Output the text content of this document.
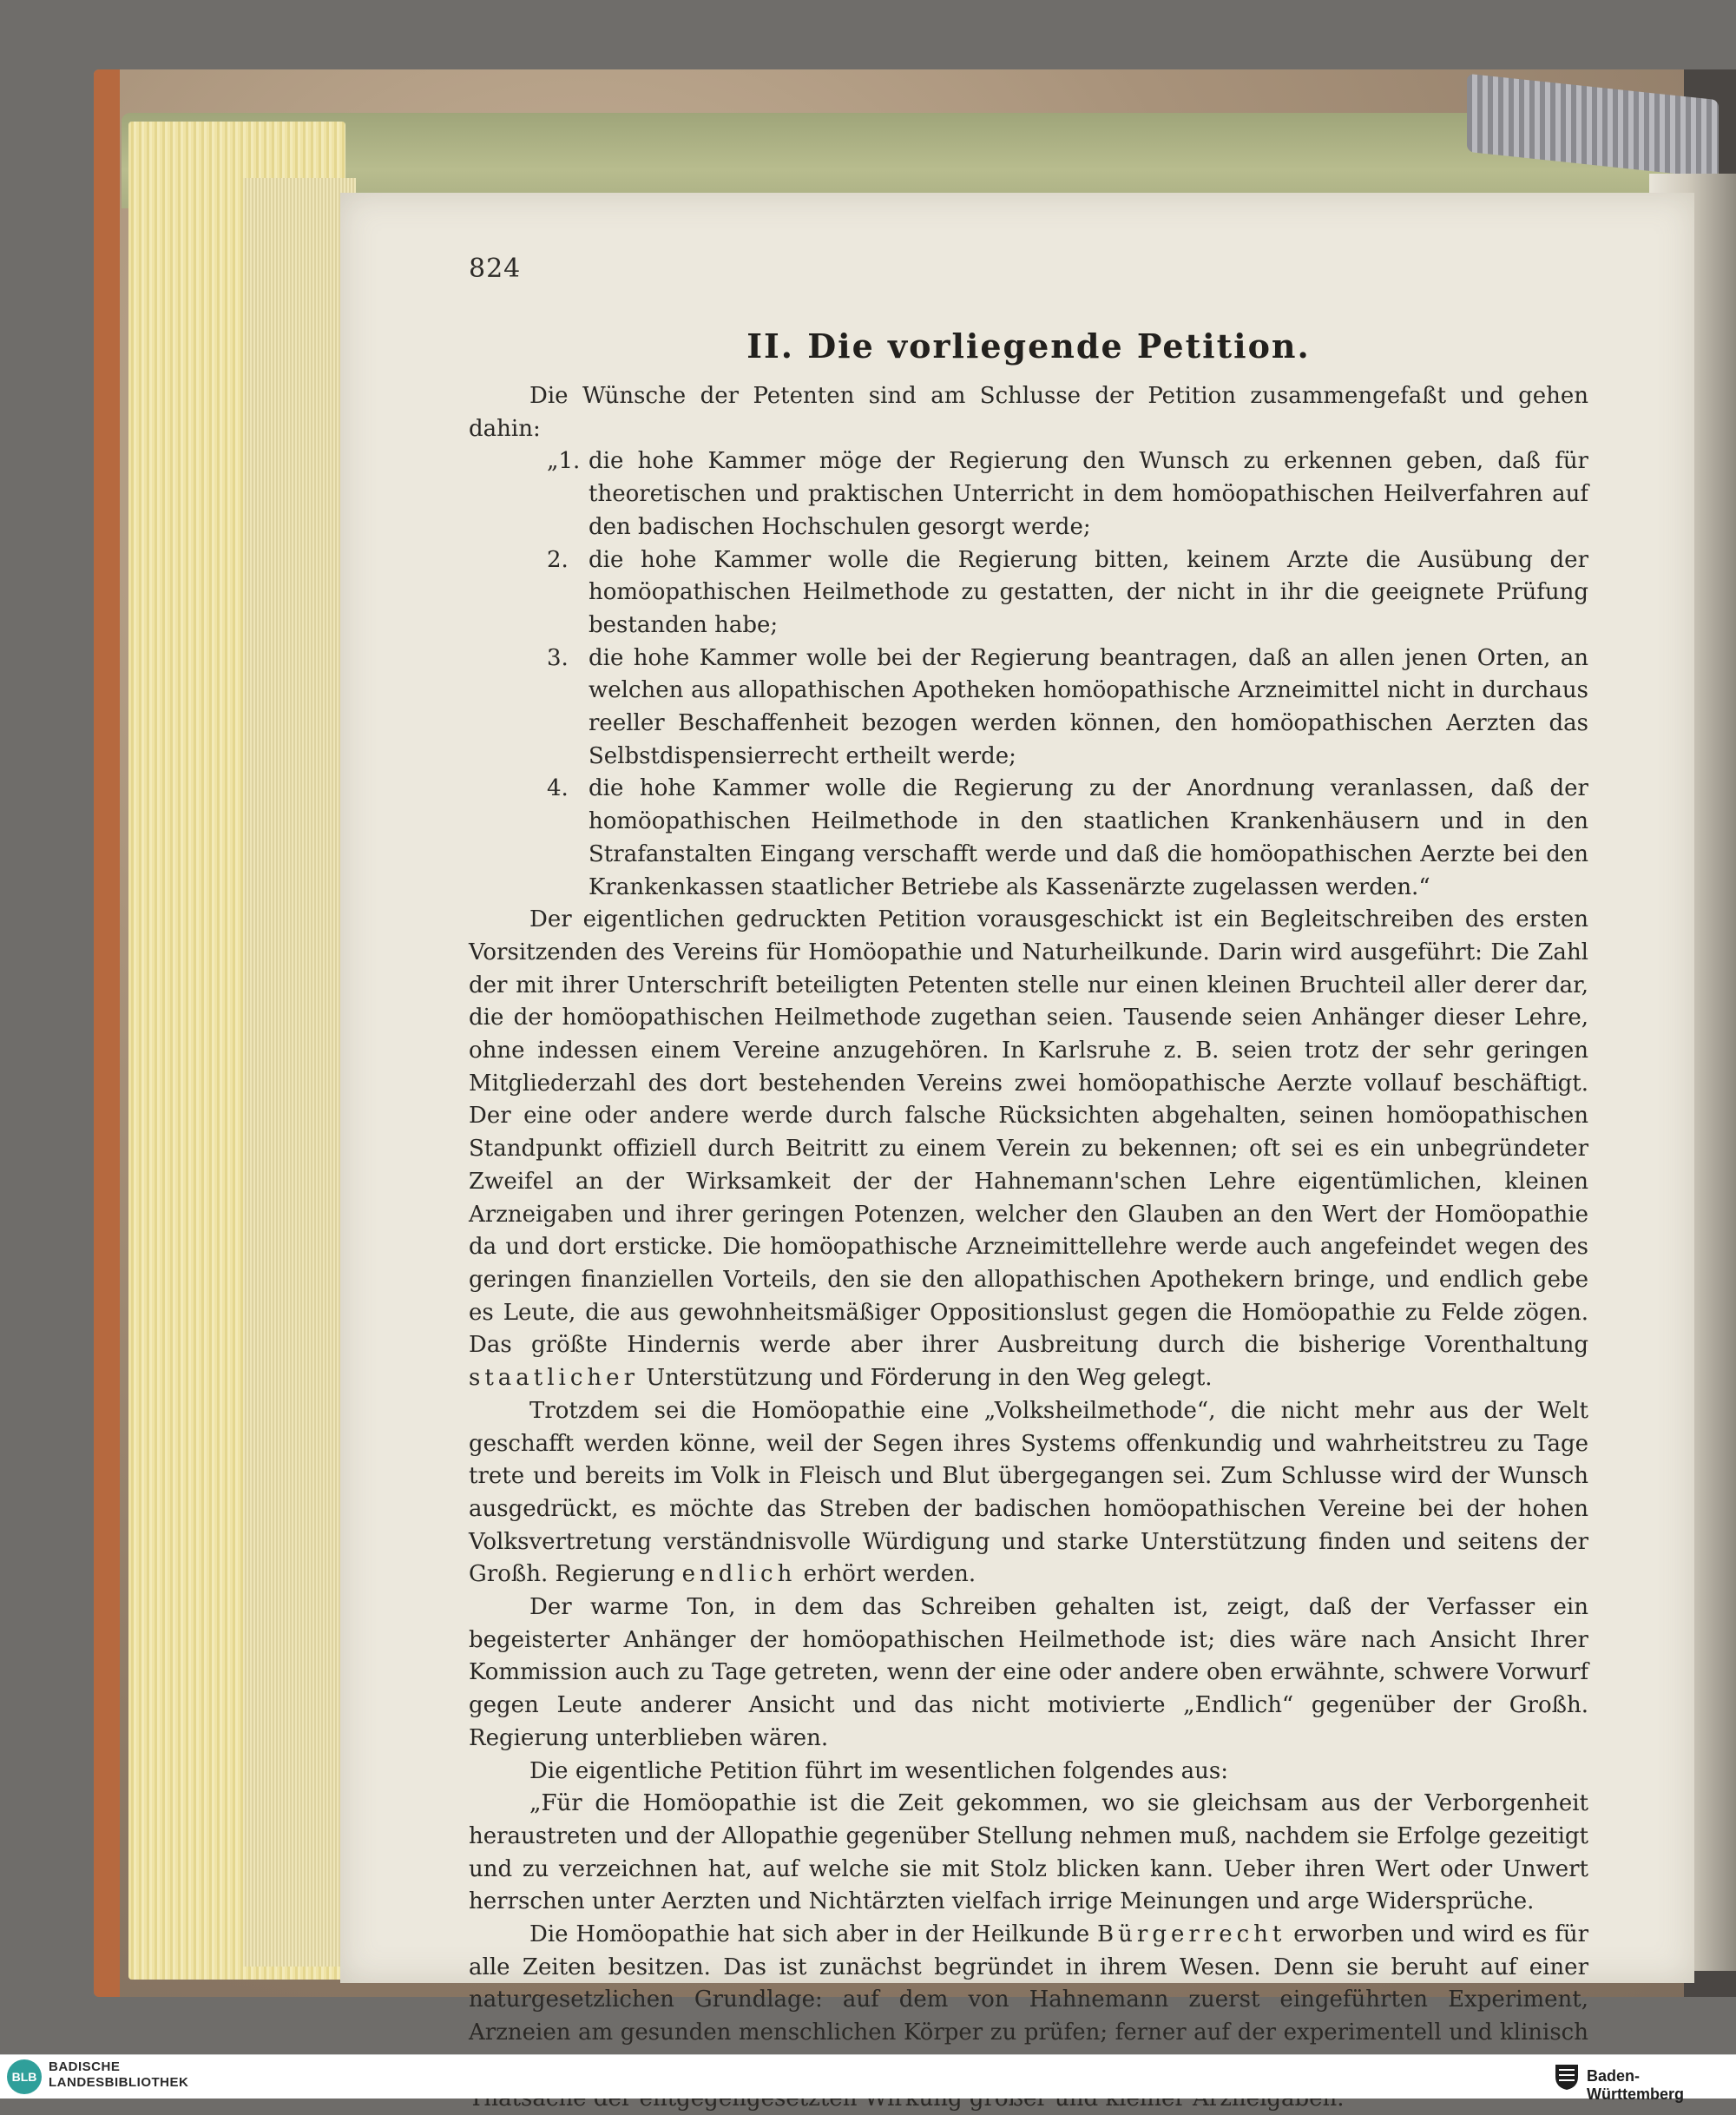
824
II. Die vorliegende Petition.

Die Wünsche der Petenten sind am Schlusse der Petition zusammengefaßt und gehen dahin:

„1. die hohe Kammer möge der Regierung den Wunsch zu erkennen geben, daß für theoretischen und praktischen Unterricht in dem homöopathischen Heilverfahren auf den badischen Hochschulen gesorgt werde;
2. die hohe Kammer wolle die Regierung bitten, keinem Arzte die Ausübung der homöopathischen Heilmethode zu gestatten, der nicht in ihr die geeignete Prüfung bestanden habe;
3. die hohe Kammer wolle bei der Regierung beantragen, daß an allen jenen Orten, an welchen aus allopathischen Apotheken homöopathische Arzneimittel nicht in durchaus reeller Beschaffenheit bezogen werden können, den homöopathischen Aerzten das Selbstdispensierrecht ertheilt werde;
4. die hohe Kammer wolle die Regierung zu der Anordnung veranlassen, daß der homöopathischen Heilmethode in den staatlichen Krankenhäusern und in den Strafanstalten Eingang verschafft werde und daß die homöopathischen Aerzte bei den Krankenkassen staatlicher Betriebe als Kassenärzte zugelassen werden.“

Der eigentlichen gedruckten Petition vorausgeschickt ist ein Begleitschreiben des ersten Vorsitzenden des Vereins für Homöopathie und Naturheilkunde. Darin wird ausgeführt: Die Zahl der mit ihrer Unterschrift beteiligten Petenten stelle nur einen kleinen Bruchteil aller derer dar, die der homöopathischen Heilmethode zugethan seien. Tausende seien Anhänger dieser Lehre, ohne indessen einem Vereine anzugehören. In Karlsruhe z. B. seien trotz der sehr geringen Mitgliederzahl des dort bestehenden Vereins zwei homöopathische Aerzte vollauf beschäftigt. Der eine oder andere werde durch falsche Rücksichten abgehalten, seinen homöopathischen Standpunkt offiziell durch Beitritt zu einem Verein zu bekennen; oft sei es ein unbegründeter Zweifel an der Wirksamkeit der der Hahnemann'schen Lehre eigentümlichen, kleinen Arzneigaben und ihrer geringen Potenzen, welcher den Glauben an den Wert der Homöopathie da und dort ersticke. Die homöopathische Arzneimittellehre werde auch angefeindet wegen des geringen finanziellen Vorteils, den sie den allopathischen Apothekern bringe, und endlich gebe es Leute, die aus gewohnheitsmäßiger Oppositionslust gegen die Homöopathie zu Felde zögen. Das größte Hindernis werde aber ihrer Ausbreitung durch die bisherige Vorenthaltung staatlicher Unterstützung und Förderung in den Weg gelegt.

Trotzdem sei die Homöopathie eine „Volksheilmethode“, die nicht mehr aus der Welt geschafft werden könne, weil der Segen ihres Systems offenkundig und wahrheitstreu zu Tage trete und bereits im Volk in Fleisch und Blut übergegangen sei. Zum Schlusse wird der Wunsch ausgedrückt, es möchte das Streben der badischen homöopathischen Vereine bei der hohen Volksvertretung verständnisvolle Würdigung und starke Unterstützung finden und seitens der Großh. Regierung endlich erhört werden.

Der warme Ton, in dem das Schreiben gehalten ist, zeigt, daß der Verfasser ein begeisterter Anhänger der homöopathischen Heilmethode ist; dies wäre nach Ansicht Ihrer Kommission auch zu Tage getreten, wenn der eine oder andere oben erwähnte, schwere Vorwurf gegen Leute anderer Ansicht und das nicht motivierte „Endlich“ gegenüber der Großh. Regierung unterblieben wären.

Die eigentliche Petition führt im wesentlichen folgendes aus:

„Für die Homöopathie ist die Zeit gekommen, wo sie gleichsam aus der Verborgenheit heraustreten und der Allopathie gegenüber Stellung nehmen muß, nachdem sie Erfolge gezeitigt und zu verzeichnen hat, auf welche sie mit Stolz blicken kann. Ueber ihren Wert oder Unwert herrschen unter Aerzten und Nichtärzten vielfach irrige Meinungen und arge Widersprüche.

Die Homöopathie hat sich aber in der Heilkunde Bürgerrecht erworben und wird es für alle Zeiten besitzen. Das ist zunächst begründet in ihrem Wesen. Denn sie beruht auf einer naturgesetzlichen Grundlage: auf dem von Hahnemann zuerst eingeführten Experiment, Arzneien am gesunden menschlichen Körper zu prüfen; ferner auf der experimentell und klinisch

BLB
BADISCHE
LANDESBIBLIOTHEK	Baden-Württemberg
